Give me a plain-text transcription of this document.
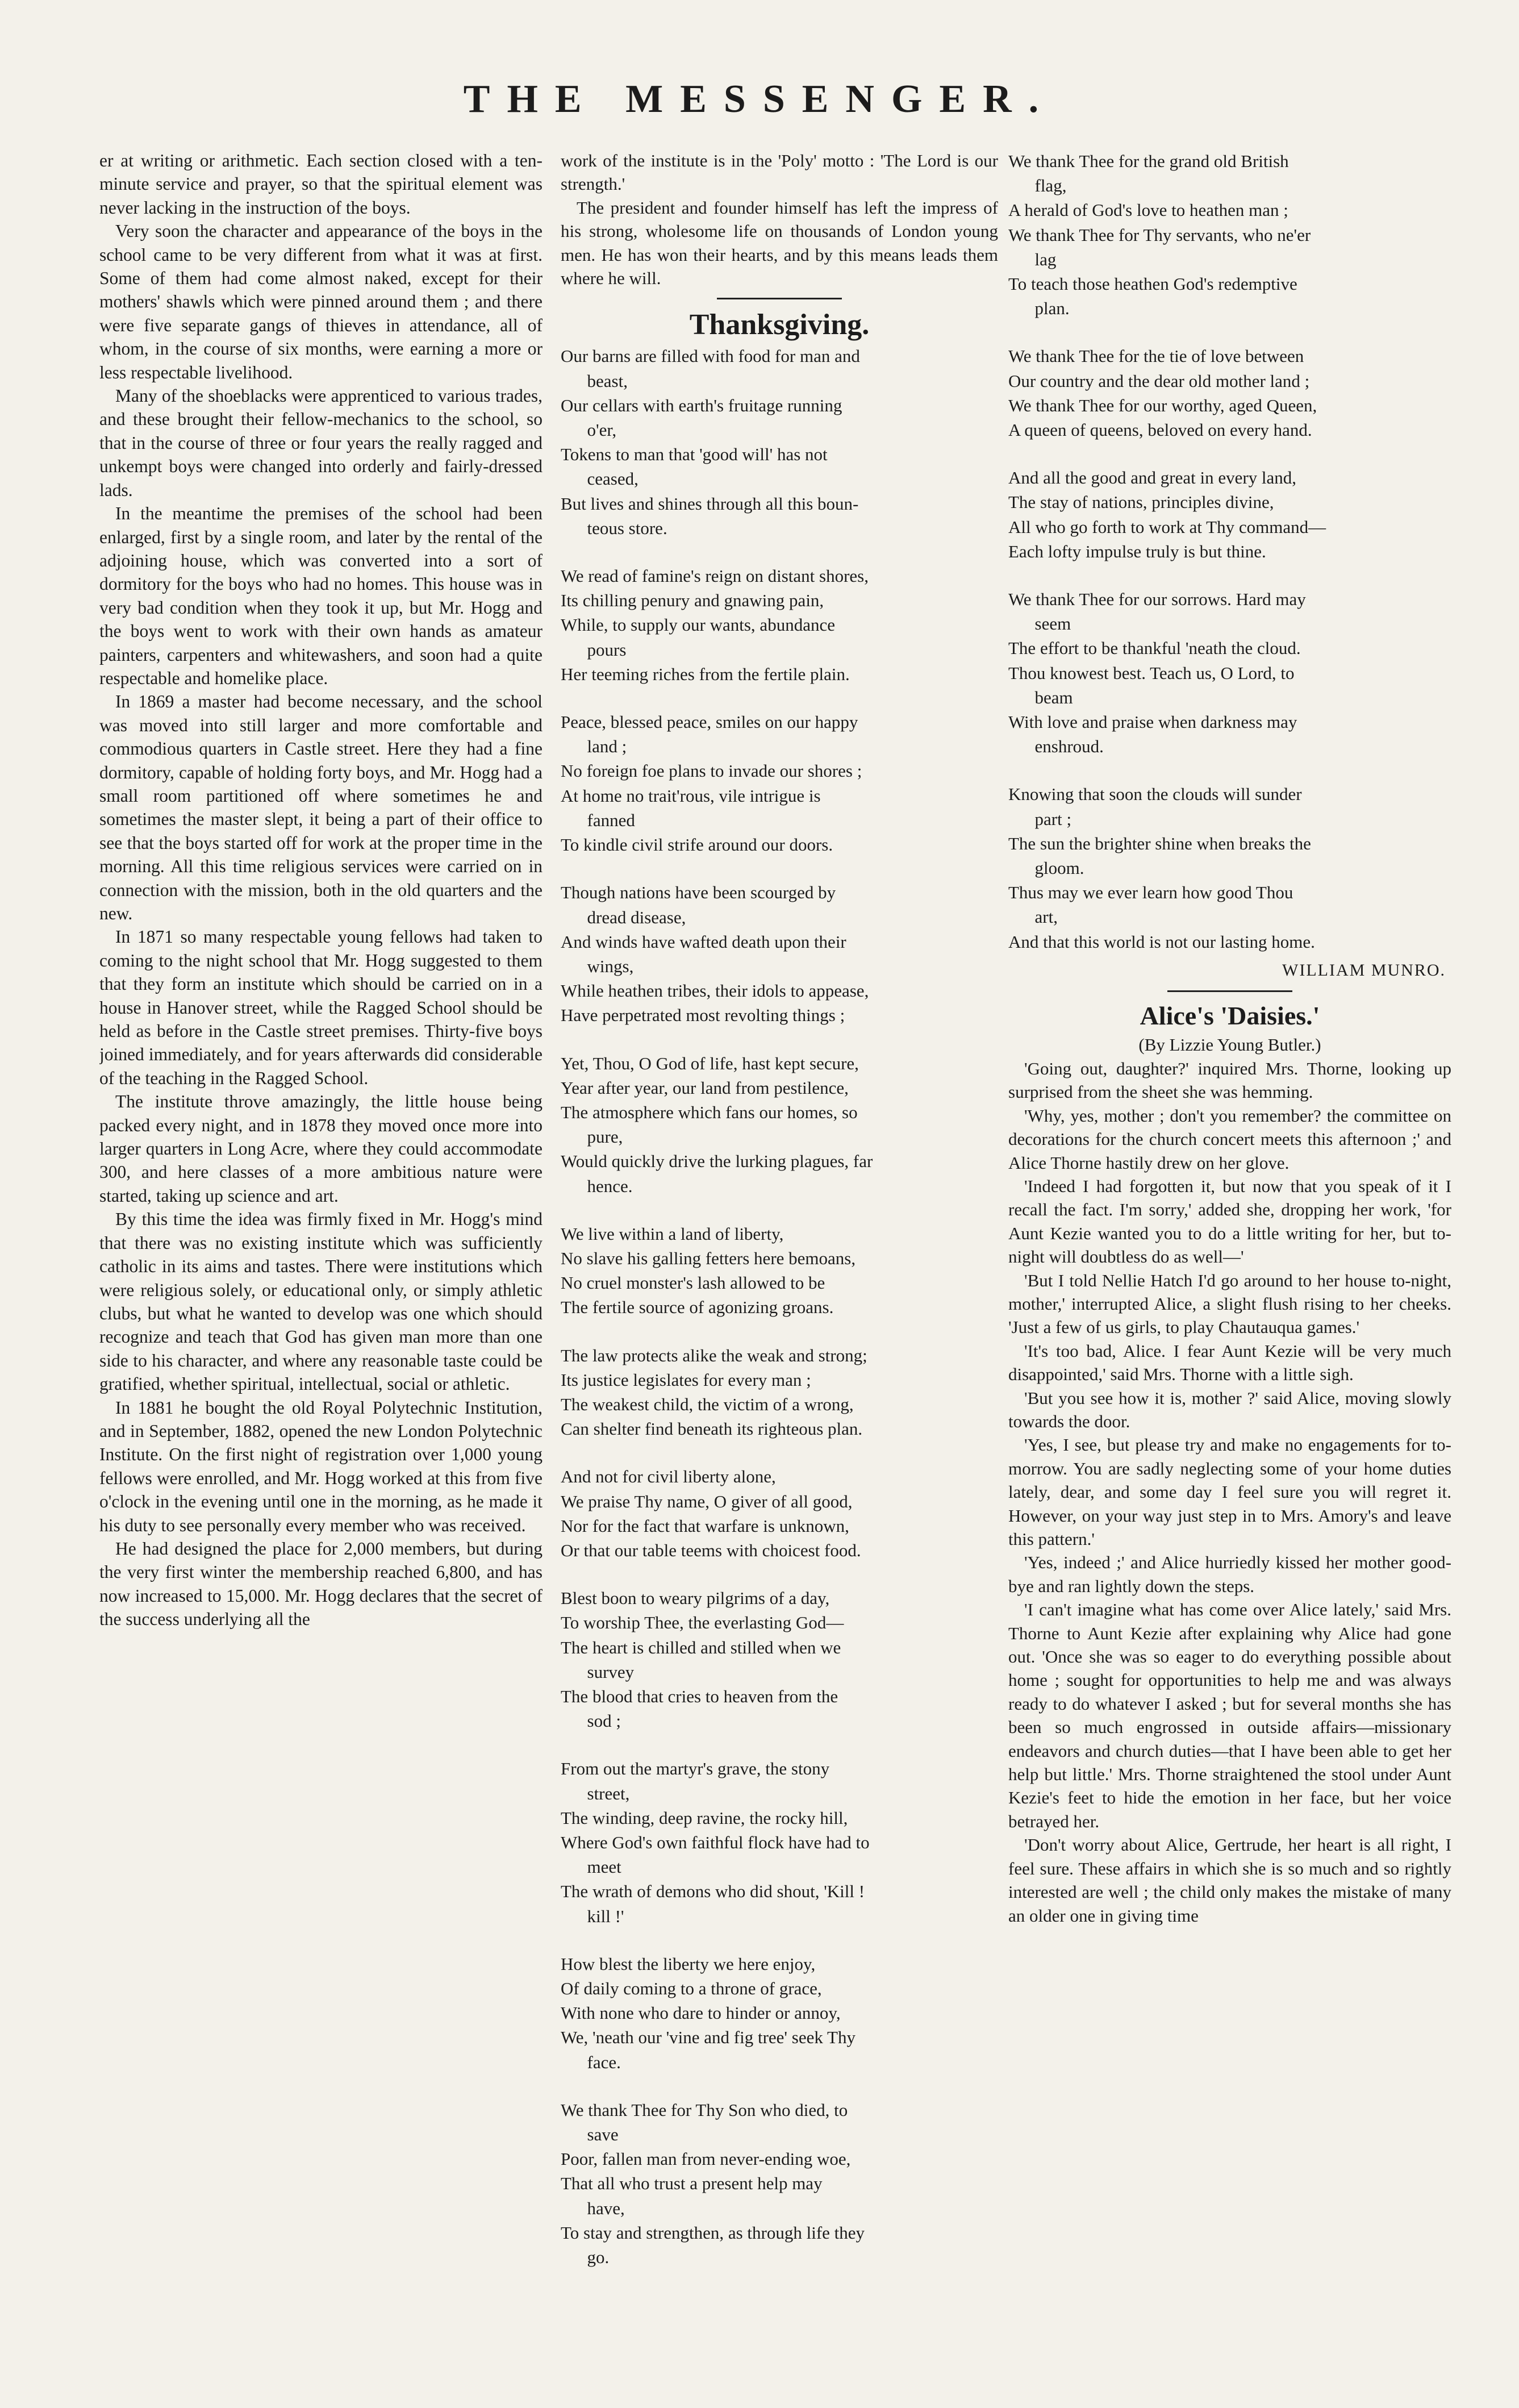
THE MESSENGER.

er at writing or arithmetic. Each section closed with a ten-minute service and prayer, so that the spiritual element was never lacking in the instruction of the boys.

Very soon the character and appearance of the boys in the school came to be very different from what it was at first. Some of them had come almost naked, except for their mothers' shawls which were pinned around them ; and there were five separate gangs of thieves in attendance, all of whom, in the course of six months, were earning a more or less respectable livelihood.

Many of the shoeblacks were apprenticed to various trades, and these brought their fellow-mechanics to the school, so that in the course of three or four years the really ragged and unkempt boys were changed into orderly and fairly-dressed lads.

In the meantime the premises of the school had been enlarged, first by a single room, and later by the rental of the adjoining house, which was converted into a sort of dormitory for the boys who had no homes. This house was in very bad condition when they took it up, but Mr. Hogg and the boys went to work with their own hands as amateur painters, carpenters and whitewashers, and soon had a quite respectable and homelike place.

In 1869 a master had become necessary, and the school was moved into still larger and more comfortable and commodious quarters in Castle street. Here they had a fine dormitory, capable of holding forty boys, and Mr. Hogg had a small room partitioned off where sometimes he and sometimes the master slept, it being a part of their office to see that the boys started off for work at the proper time in the morning. All this time religious services were carried on in connection with the mission, both in the old quarters and the new.

In 1871 so many respectable young fellows had taken to coming to the night school that Mr. Hogg suggested to them that they form an institute which should be carried on in a house in Hanover street, while the Ragged School should be held as before in the Castle street premises. Thirty-five boys joined immediately, and for years afterwards did considerable of the teaching in the Ragged School.

The institute throve amazingly, the little house being packed every night, and in 1878 they moved once more into larger quarters in Long Acre, where they could accommodate 300, and here classes of a more ambitious nature were started, taking up science and art.

By this time the idea was firmly fixed in Mr. Hogg's mind that there was no existing institute which was sufficiently catholic in its aims and tastes. There were institutions which were religious solely, or educational only, or simply athletic clubs, but what he wanted to develop was one which should recognize and teach that God has given man more than one side to his character, and where any reasonable taste could be gratified, whether spiritual, intellectual, social or athletic.

In 1881 he bought the old Royal Polytechnic Institution, and in September, 1882, opened the new London Polytechnic Institute. On the first night of registration over 1,000 young fellows were enrolled, and Mr. Hogg worked at this from five o'clock in the evening until one in the morning, as he made it his duty to see personally every member who was received.

He had designed the place for 2,000 members, but during the very first winter the membership reached 6,800, and has now increased to 15,000. Mr. Hogg declares that the secret of the success underlying all the

work of the institute is in the 'Poly' motto : 'The Lord is our strength.'

The president and founder himself has left the impress of his strong, wholesome life on thousands of London young men. He has won their hearts, and by this means leads them where he will.

Thanksgiving.
Our barns are filled with food for man and
beast,
Our cellars with earth's fruitage running
o'er,
Tokens to man that 'good will' has not
ceased,
But lives and shines through all this boun-
teous store.
We read of famine's reign on distant shores,
Its chilling penury and gnawing pain,
While, to supply our wants, abundance
pours
Her teeming riches from the fertile plain.
Peace, blessed peace, smiles on our happy
land ;
No foreign foe plans to invade our shores ;
At home no trait'rous, vile intrigue is
fanned
To kindle civil strife around our doors.
Though nations have been scourged by
dread disease,
And winds have wafted death upon their
wings,
While heathen tribes, their idols to appease,
Have perpetrated most revolting things ;
Yet, Thou, O God of life, hast kept secure,
Year after year, our land from pestilence,
The atmosphere which fans our homes, so
pure,
Would quickly drive the lurking plagues, far
hence.
We live within a land of liberty,
No slave his galling fetters here bemoans,
No cruel monster's lash allowed to be
The fertile source of agonizing groans.
The law protects alike the weak and strong;
Its justice legislates for every man ;
The weakest child, the victim of a wrong,
Can shelter find beneath its righteous plan.
And not for civil liberty alone,
We praise Thy name, O giver of all good,
Nor for the fact that warfare is unknown,
Or that our table teems with choicest food.
Blest boon to weary pilgrims of a day,
To worship Thee, the everlasting God—
The heart is chilled and stilled when we
survey
The blood that cries to heaven from the
sod ;
From out the martyr's grave, the stony
street,
The winding, deep ravine, the rocky hill,
Where God's own faithful flock have had to
meet
The wrath of demons who did shout, 'Kill !
kill !'
How blest the liberty we here enjoy,
Of daily coming to a throne of grace,
With none who dare to hinder or annoy,
We, 'neath our 'vine and fig tree' seek Thy
face.
We thank Thee for Thy Son who died, to
save
Poor, fallen man from never-ending woe,
That all who trust a present help may
have,
To stay and strengthen, as through life they
go.
We thank Thee for the grand old British
flag,
A herald of God's love to heathen man ;
We thank Thee for Thy servants, who ne'er
lag
To teach those heathen God's redemptive
plan.
We thank Thee for the tie of love between
Our country and the dear old mother land ;
We thank Thee for our worthy, aged Queen,
A queen of queens, beloved on every hand.
And all the good and great in every land,
The stay of nations, principles divine,
All who go forth to work at Thy command—
Each lofty impulse truly is but thine.
We thank Thee for our sorrows. Hard may
seem
The effort to be thankful 'neath the cloud.
Thou knowest best. Teach us, O Lord, to
beam
With love and praise when darkness may
enshroud.
Knowing that soon the clouds will sunder
part ;
The sun the brighter shine when breaks the
gloom.
Thus may we ever learn how good Thou
art,
And that this world is not our lasting home.
WILLIAM MUNRO.
Alice's 'Daisies.'
(By Lizzie Young Butler.)

'Going out, daughter?' inquired Mrs. Thorne, looking up surprised from the sheet she was hemming.

'Why, yes, mother ; don't you remember? the committee on decorations for the church concert meets this afternoon ;' and Alice Thorne hastily drew on her glove.

'Indeed I had forgotten it, but now that you speak of it I recall the fact. I'm sorry,' added she, dropping her work, 'for Aunt Kezie wanted you to do a little writing for her, but to-night will doubtless do as well—'

'But I told Nellie Hatch I'd go around to her house to-night, mother,' interrupted Alice, a slight flush rising to her cheeks. 'Just a few of us girls, to play Chautauqua games.'

'It's too bad, Alice. I fear Aunt Kezie will be very much disappointed,' said Mrs. Thorne with a little sigh.

'But you see how it is, mother ?' said Alice, moving slowly towards the door.

'Yes, I see, but please try and make no engagements for to-morrow. You are sadly neglecting some of your home duties lately, dear, and some day I feel sure you will regret it. However, on your way just step in to Mrs. Amory's and leave this pattern.'

'Yes, indeed ;' and Alice hurriedly kissed her mother good-bye and ran lightly down the steps.

'I can't imagine what has come over Alice lately,' said Mrs. Thorne to Aunt Kezie after explaining why Alice had gone out. 'Once she was so eager to do everything possible about home ; sought for opportunities to help me and was always ready to do whatever I asked ; but for several months she has been so much engrossed in outside affairs—missionary endeavors and church duties—that I have been able to get her help but little.' Mrs. Thorne straightened the stool under Aunt Kezie's feet to hide the emotion in her face, but her voice betrayed her.

'Don't worry about Alice, Gertrude, her heart is all right, I feel sure. These affairs in which she is so much and so rightly interested are well ; the child only makes the mistake of many an older one in giving time
